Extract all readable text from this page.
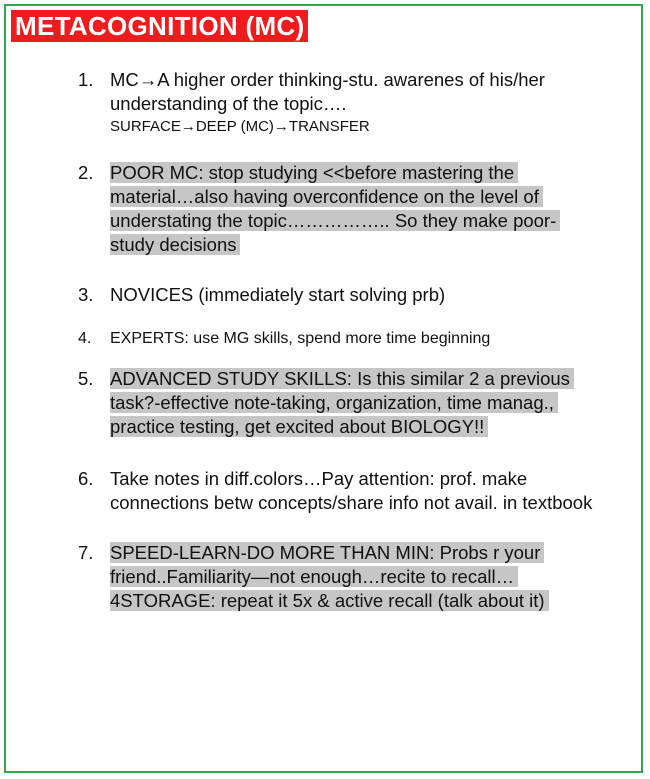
METACOGNITION (MC)
1. MC→A higher order thinking-stu. awarenes of his/her understanding of the topic….
SURFACE→DEEP (MC)→TRANSFER
2. POOR MC: stop studying <<before mastering the material…also having overconfidence on the level of understating the topic…………….. So they make poor-study decisions
3. NOVICES (immediately start solving prb)
4. EXPERTS: use MG skills, spend more time beginning
5. ADVANCED STUDY SKILLS: Is this similar 2 a previous task?-effective note-taking, organization, time manag., practice testing, get excited about BIOLOGY!!
6. Take notes in diff.colors…Pay attention: prof. make connections betw concepts/share info not avail. in textbook
7. SPEED-LEARN-DO MORE THAN MIN: Probs r your friend..Familiarity—not enough…recite to recall…4STORAGE: repeat it 5x & active recall (talk about it)
